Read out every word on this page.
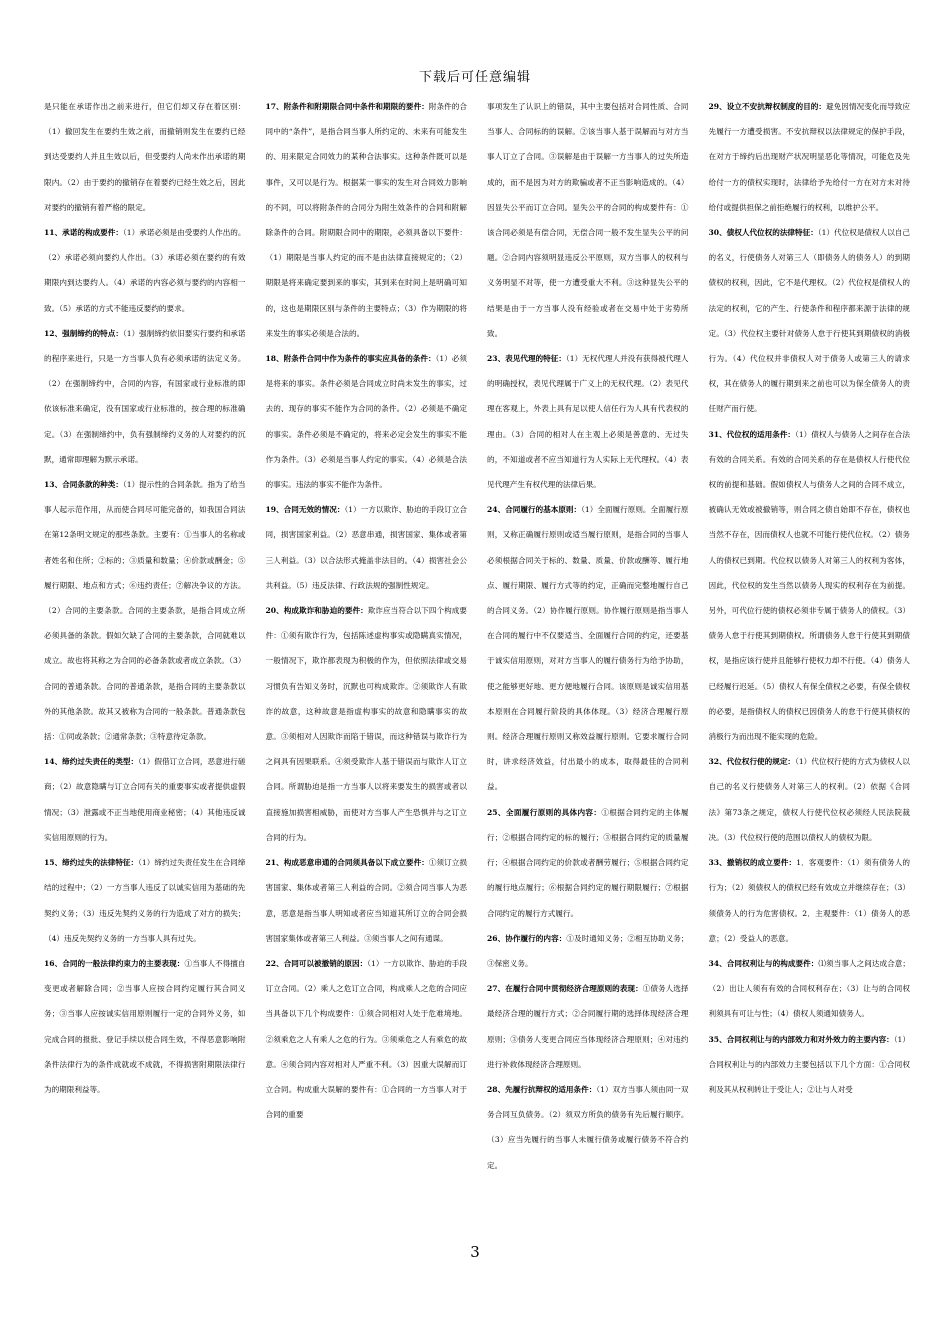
下载后可任意编辑

是只能在承诺作出之前来进行，但它们却又存在着区别：（1）撤回发生在要约生效之前，而撤销则发生在要约已经到达受要约人并且生效以后，但受要约人尚未作出承诺的期限内。（2）由于要约的撤销存在着要约已经生效之后，因此对要约的撤销有着严格的限定。

11、承诺的构成要件：（1）承诺必须是由受要约人作出的。（2）承诺必须向要约人作出。（3）承诺必须在要约的有效期限内到达要约人。（4）承诺的内容必须与要约的内容相一致。（5）承诺的方式不能违反要约的要求。

12、强制缔约的特点：（1）强制缔约依旧要实行要约和承诺的程序来进行，只是一方当事人负有必须承诺的法定义务。（2）在强制缔约中，合同的内容，有国家或行业标准的即依该标准来确定，没有国家或行业标准的，按合理的标准确定。（3）在强制缔约中，负有强制缔约义务的人对要约的沉默，通常即理解为默示承诺。

13、合同条款的种类：（1）提示性的合同条款。指为了给当事人起示范作用，从而使合同尽可能完备的，如我国合同法在第12条明文规定的那些条款。主要有：①当事人的名称或者姓名和住所；②标的；③质量和数量；④价款或酬金；⑤履行期限、地点和方式；⑥违约责任；⑦解决争议的方法。（2）合同的主要条款。合同的主要条款，是指合同成立所必须具备的条款。假如欠缺了合同的主要条款，合同就难以成立。故也将其称之为合同的必备条款或者成立条款。（3）合同的普通条款。合同的普通条款，是指合同的主要条款以外的其他条款。故其又被称为合同的一般条款。普通条款包括：①同或条款；②通常条款；③特意待定条款。

14、缔约过失责任的类型：（1）假借订立合同，恶意进行磋商；（2）故意隐瞒与订立合同有关的重要事实或者提供虚假情况；（3）泄露或不正当地使用商业秘密；（4）其他违反诚实信用原则的行为。

15、缔约过失的法律特征：（1）缔约过失责任发生在合同缔结的过程中；（2）一方当事人违反了以诚实信用为基础的先契约义务；（3）违反先契约义务的行为造成了对方的损失；（4）违反先契约义务的一方当事人具有过失。

16、合同的一般法律约束力的主要表现：①当事人不得擅自变更或者解除合同；②当事人应按合同约定履行其合同义务；③当事人应按诚实信用原则履行一定的合同外义务，如完成合同的报批、登记手续以使合同生效，不得恶意影响附条件法律行为的条件成就或不成就，不得损害附期限法律行为的期限利益等。

17、附条件和附期限合同中条件和期限的要件：附条件的合同中的“条件”，是指合同当事人所约定的、未来有可能发生的、用来限定合同效力的某种合法事实。这种条件既可以是事件，又可以是行为。根据某一事实的发生对合同效力影响的不同，可以将附条件的合同分为附生效条件的合同和附解除条件的合同。附期限合同中的期限，必须具备以下要件：（1）期限是当事人约定的而不是由法律直接规定的；（2）期限是将来确定要到来的事实，其到来在时间上是明确可知的，这也是期限区别与条件的主要特点；（3）作为期限的将来发生的事实必须是合法的。

18、附条件合同中作为条件的事实应具备的条件：（1）必须是将来的事实。条件必须是合同成立时尚未发生的事实，过去的、现存的事实不能作为合同的条件。（2）必须是不确定的事实。条件必须是不确定的，将来必定会发生的事实不能作为条件。（3）必须是当事人约定的事实。（4）必须是合法的事实。违法的事实不能作为条件。

19、合同无效的情况：（1）一方以欺诈、胁迫的手段订立合同，损害国家利益。（2）恶意串通，损害国家、集体或者第三人利益。（3）以合法形式掩盖非法目的。（4）损害社会公共利益。（5）违反法律、行政法规的强制性规定。

20、构成欺诈和胁迫的要件：欺诈应当符合以下四个构成要件：①须有欺诈行为，包括陈述虚构事实或隐瞒真实情况，一般情况下，欺诈都表现为积极的作为，但依照法律或交易习惯负有告知义务时，沉默也可构成欺诈。②须欺诈人有欺诈的故意，这种故意是指虚构事实的故意和隐瞒事实的故意。③须相对人因欺诈而陷于错误，而这种错误与欺诈行为之间具有因果联系。④须受欺诈人基于错误而与欺诈人订立合同。所谓胁迫是指一方当事人以将来要发生的损害或者以直接施加损害相威胁，而使对方当事人产生恐惧并与之订立合同的行为。

21、构成恶意串通的合同须具备以下成立要件：①须订立损害国家、集体或者第三人利益的合同。②须合同当事人为恶意，恶意是指当事人明知或者应当知道其所订立的合同会损害国家集体或者第三人利益。③须当事人之间有通谋。

22、合同可以被撤销的原因：（1）一方以欺诈、胁迫的手段订立合同。（2）乘人之危订立合同，构成乘人之危的合同应当具备以下几个构成要件：①须合同相对人处于危难境地。②须乘危之人有乘人之危的行为。③须乘危之人有乘危的故意。④须合同内容对相对人严重不利。（3）因重大误解而订立合同。构成重大误解的要件有：①合同的一方当事人对于合同的重要

事项发生了认识上的错误，其中主要包括对合同性质、合同当事人、合同标的的误解。②该当事人基于误解而与对方当事人订立了合同。③误解是由于误解一方当事人的过失所造成的，而不是因为对方的欺骗或者不正当影响造成的。（4）因显失公平而订立合同。显失公平的合同的构成要件有：①该合同必须是有偿合同，无偿合同一般不发生显失公平的问题。②合同内容须明显违反公平原则，双方当事人的权利与义务明显不对等，使一方遭受重大不利。③这种显失公平的结果是由于一方当事人没有经验或者在交易中处于劣势所致。

23、表见代理的特征：（1）无权代理人并没有获得被代理人的明确授权，表见代理属于广义上的无权代理。（2）表见代理在客观上，外表上具有足以使人信任行为人具有代表权的理由。（3）合同的相对人在主观上必须是善意的、无过失的，不知道或者不应当知道行为人实际上无代理权。（4）表见代理产生有权代理的法律后果。

24、合同履行的基本原则：（1）全面履行原则。全面履行原则，又称正确履行原则或适当履行原则，是指合同的当事人必须根据合同关于标的、数量、质量、价款或酬等、履行地点、履行期限、履行方式等的约定，正确而完整地履行自己的合同义务。（2）协作履行原则。协作履行原则是指当事人在合同的履行中不仅要适当、全面履行合同的约定，还要基于诚实信用原则，对对方当事人的履行债务行为给予协助，使之能够更好地、更方便地履行合同。该原则是诚实信用基本原则在合同履行阶段的具体体现。（3）经济合理履行原则。经济合理履行原则又称效益履行原则。它要求履行合同时，讲求经济效益，付出最小的成本，取得最佳的合同利益。

25、全面履行原则的具体内容：①根据合同约定的主体履行；②根据合同约定的标的履行；③根据合同约定的质量履行；④根据合同约定的价款或者酬劳履行；⑤根据合同约定的履行地点履行；⑥根据合同约定的履行期限履行；⑦根据合同约定的履行方式履行。

26、协作履行的内容：①及时通知义务；②相互协助义务；③保密义务。

27、在履行合同中贯彻经济合理原则的表现：①债务人选择最经济合理的履行方式；②合同履行期的选择体现经济合理原则；③债务人变更合同应当体现经济合理原则；④对违约进行补救体现经济合理原则。

28、先履行抗辩权的适用条件：（1）双方当事人须由同一双务合同互负债务。（2）须双方所负的债务有先后履行顺序。（3）应当先履行的当事人未履行债务或履行债务不符合约定。

29、设立不安抗辩权制度的目的：避免因情况变化而导致应先履行一方遭受损害。不安抗辩权以法律规定的保护手段，在对方于缔约后出现财产状况明显恶化等情况，可能危及先给付一方的债权实现时，法律给予先给付一方在对方未对待给付或提供担保之前拒绝履行的权利，以维护公平。

30、债权人代位权的法律特征：（1）代位权是债权人以自己的名义，行使债务人对第三人（即债务人的债务人）的到期债权的权利，因此，它不是代理权。（2）代位权是债权人的法定的权利，它的产生、行使条件和程序都来源于法律的规定。（3）代位权主要针对债务人怠于行使其到期债权的消极行为。（4）代位权并非债权人对于债务人或第三人的请求权，其在债务人的履行期到来之前也可以为保全债务人的责任财产而行使。

31、代位权的适用条件：（1）债权人与债务人之间存在合法有效的合同关系。有效的合同关系的存在是债权人行使代位权的前提和基础。假如债权人与债务人之间的合同不成立，被确认无效或被撤销等，则合同之债自始即不存在，债权也当然不存在，因而债权人也就不可能行使代位权。（2）债务人的债权已到期。代位权以债务人对第三人的权利为客体，因此，代位权的发生当然以债务人现实的权利存在为前提。另外，可代位行使的债权必须非专属于债务人的债权。（3）债务人怠于行使其到期债权。所谓债务人怠于行使其到期债权，是指应该行使并且能够行使权力却不行使。（4）债务人已经履行迟延。（5）债权人有保全债权之必要，有保全债权的必要，是指债权人的债权已因债务人的怠于行使其债权的消极行为而出现不能实现的危险。

32、代位权行使的规定：（1）代位权行使的方式为债权人以自己的名义行使债务人对第三人的权利。（2）依据《合同法》第73条之规定，债权人行使代位权必须经人民法院裁决。（3）代位权行使的范围以债权人的债权为限。

33、撤销权的成立要件：1．客观要件：（1）须有债务人的行为；（2）须债权人的债权已经有效成立并继续存在；（3）须债务人的行为危害债权。2．主观要件：（1）债务人的恶意；（2）受益人的恶意。

34、合同权利让与的构成要件：⑴须当事人之间达成合意；（2）出让人须有有效的合同权利存在；（3）让与的合同权利须具有可让与性；（4）债权人须通知债务人。

35、合同权利让与的内部效力和对外效力的主要内容：（1）合同权利让与的内部效力主要包括以下几个方面：①合同权利及其从权利转让于受让人；②让与人对受

3
